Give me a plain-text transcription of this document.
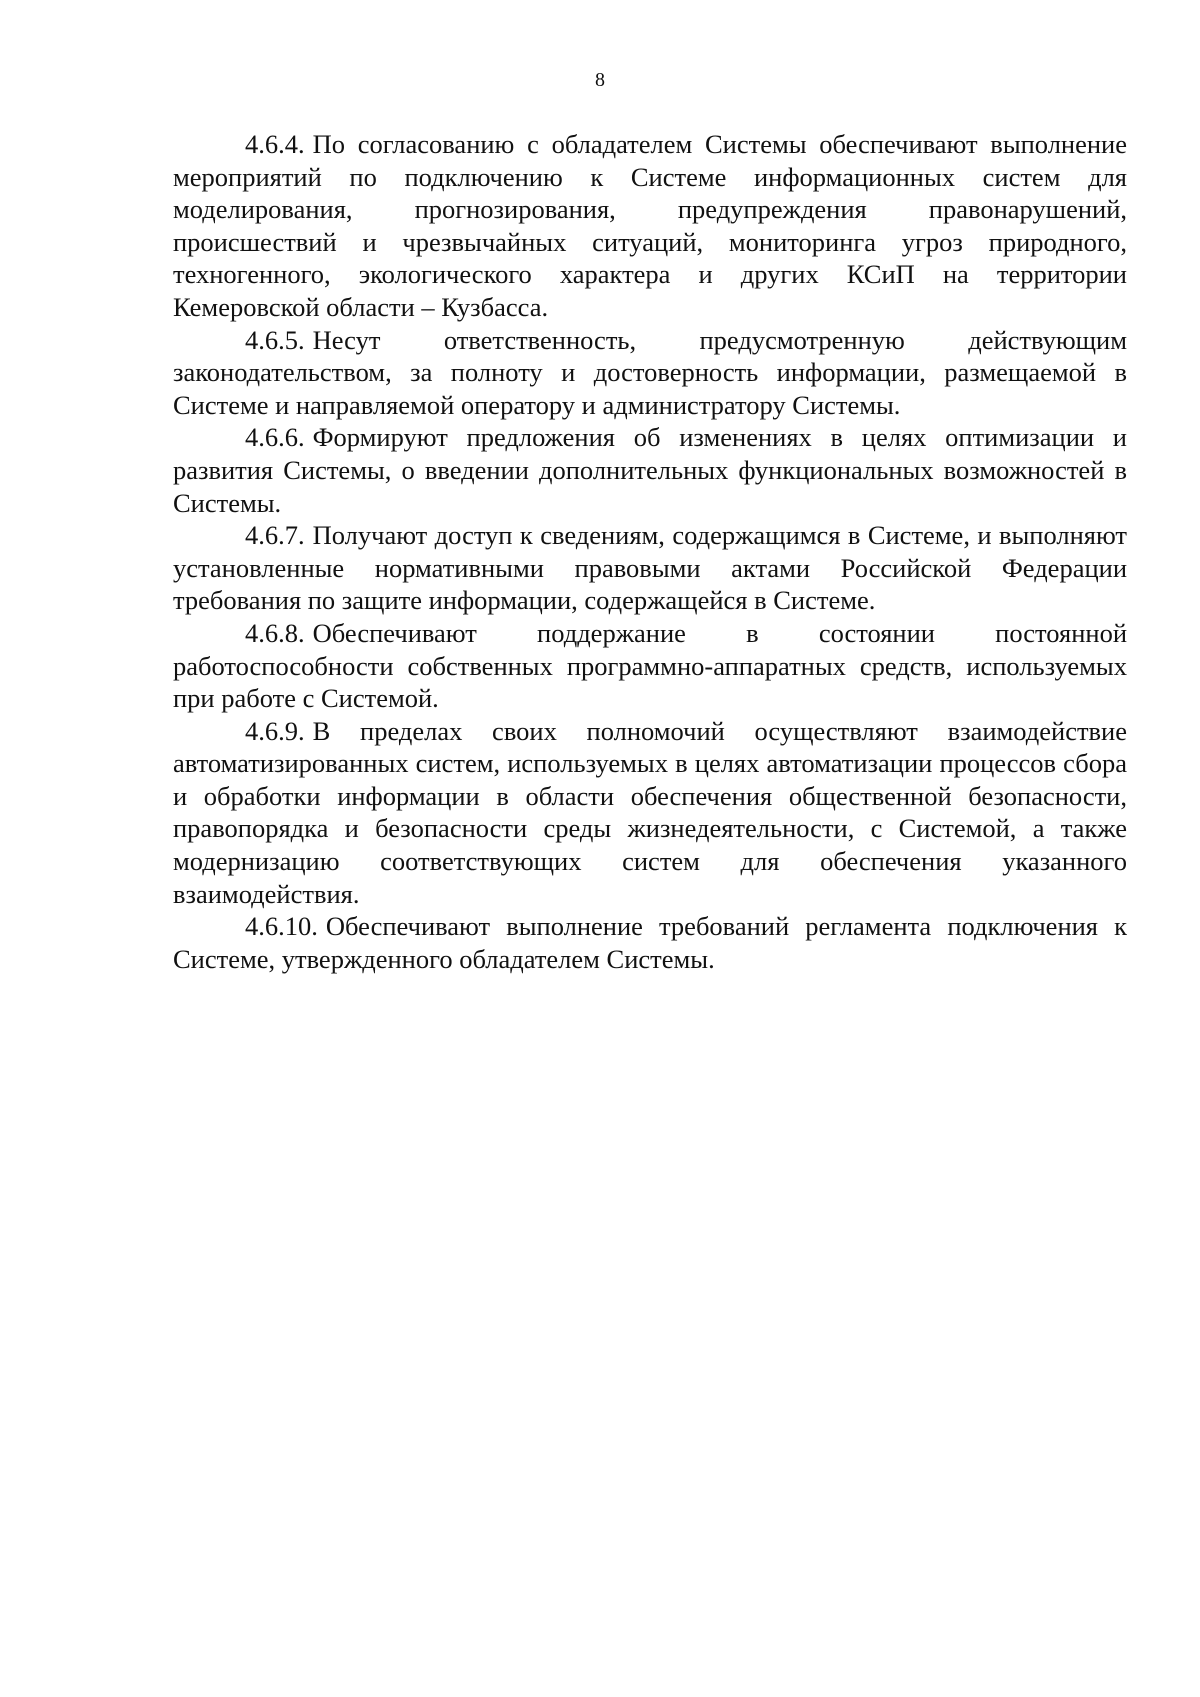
8

4.6.4. По согласованию с обладателем Системы обеспечивают выполнение мероприятий по подключению к Системе информационных систем для моделирования, прогнозирования, предупреждения правонарушений, происшествий и чрезвычайных ситуаций, мониторинга угроз природного, техногенного, экологического характера и других КСиП на территории Кемеровской области – Кузбасса.

4.6.5. Несут ответственность, предусмотренную действующим законодательством, за полноту и достоверность информации, размещаемой в Системе и направляемой оператору и администратору Системы.

4.6.6. Формируют предложения об изменениях в целях оптимизации и развития Системы, о введении дополнительных функциональных возможностей в Системы.

4.6.7. Получают доступ к сведениям, содержащимся в Системе, и выполняют установленные нормативными правовыми актами Российской Федерации требования по защите информации, содержащейся в Системе.

4.6.8. Обеспечивают поддержание в состоянии постоянной работоспособности собственных программно-аппаратных средств, используемых при работе с Системой.

4.6.9. В пределах своих полномочий осуществляют взаимодействие автоматизированных систем, используемых в целях автоматизации процессов сбора и обработки информации в области обеспечения общественной безопасности, правопорядка и безопасности среды жизнедеятельности, с Системой, а также модернизацию соответствующих систем для обеспечения указанного взаимодействия.

4.6.10. Обеспечивают выполнение требований регламента подключения к Системе, утвержденного обладателем Системы.
